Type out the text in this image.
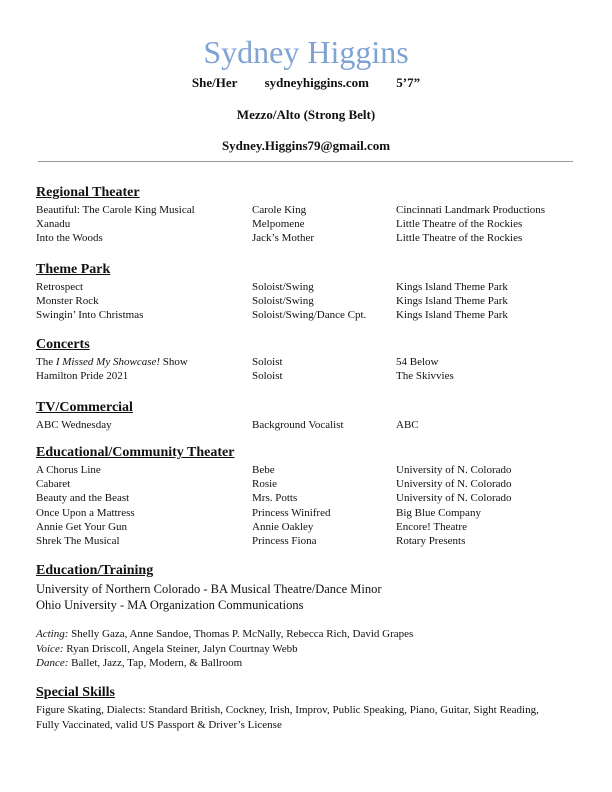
Sydney Higgins
She/Her sydneyhiggins.com 5’7”
Mezzo/Alto (Strong Belt)
Sydney.Higgins79@gmail.com
Regional Theater
Beautiful: The Carole King Musical	Carole King	Cincinnati Landmark Productions
Xanadu	Melpomene	Little Theatre of the Rockies
Into the Woods	Jack’s Mother	Little Theatre of the Rockies
Theme Park
Retrospect	Soloist/Swing	Kings Island Theme Park
Monster Rock	Soloist/Swing	Kings Island Theme Park
Swingin’ Into Christmas	Soloist/Swing/Dance Cpt.	Kings Island Theme Park
Concerts
The I Missed My Showcase! Show	Soloist	54 Below
Hamilton Pride 2021	Soloist	The Skivvies
TV/Commercial
ABC Wednesday	Background Vocalist	ABC
Educational/Community Theater
A Chorus Line	Bebe	University of N. Colorado
Cabaret	Rosie	University of N. Colorado
Beauty and the Beast	Mrs. Potts	University of N. Colorado
Once Upon a Mattress	Princess Winifred	Big Blue Company
Annie Get Your Gun	Annie Oakley	Encore! Theatre
Shrek The Musical	Princess Fiona	Rotary Presents
Education/Training
University of Northern Colorado - BA Musical Theatre/Dance Minor
Ohio University - MA Organization Communications
Acting: Shelly Gaza, Anne Sandoe, Thomas P. McNally, Rebecca Rich, David Grapes
Voice: Ryan Driscoll, Angela Steiner, Jalyn Courtnay Webb
Dance: Ballet, Jazz, Tap, Modern, & Ballroom
Special Skills
Figure Skating, Dialects: Standard British, Cockney, Irish, Improv, Public Speaking, Piano, Guitar, Sight Reading, Fully Vaccinated, valid US Passport & Driver’s License
